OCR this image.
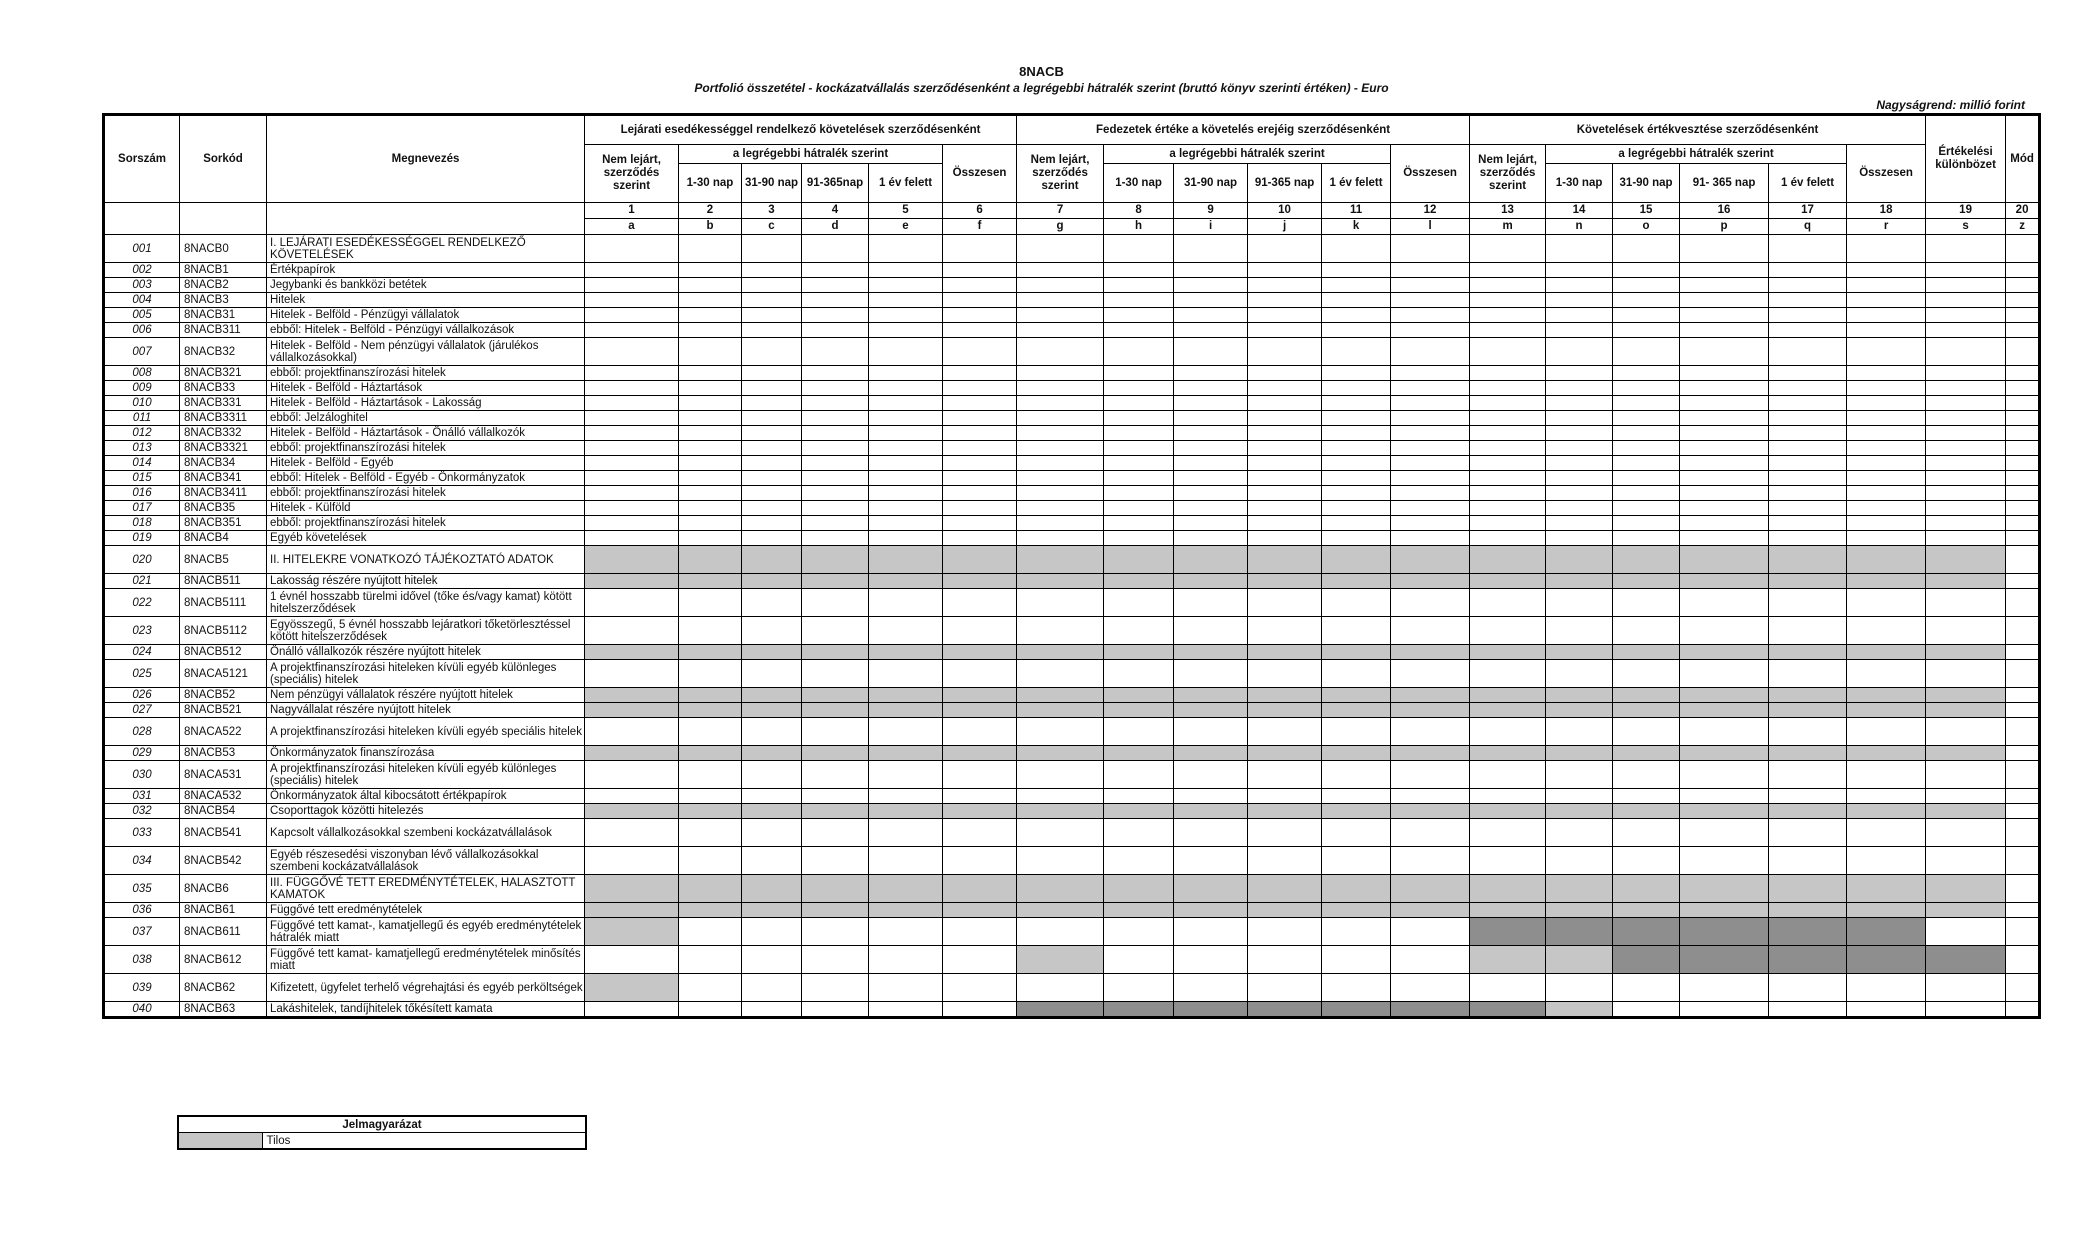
8NACB
Portfolió összetétel - kockázatvállalás szerződésenként a legrégebbi hátralék szerint (bruttó könyv szerinti értéken) - Euro
Nagyságrend: millió forint
Sorszám	Sorkód	Megnevezés	Lejárati esedékességgel rendelkező követelések szerződésenként						Fedezetek értéke a követelés erejéig szerződésenként						Követelések értékvesztése szerződésenként						Értékelési különbözet	Mód
			Nem lejárt, szerződés szerint	a legrégebbi hátralék szerint				Összesen	Nem lejárt, szerződés szerint	a legrégebbi hátralék szerint				Összesen	Nem lejárt, szerződés szerint	a legrégebbi hátralék szerint				Összesen		
				1-30 nap	31-90 nap	91-365nap	1 év felett			1-30 nap	31-90 nap	91-365 nap	1 év felett			1-30 nap	31-90 nap	91- 365 nap	1 év felett			
			1	2	3	4	5	6	7	8	9	10	11	12	13	14	15	16	17	18	19	20
			a	b	c	d	e	f	g	h	i	j	k	l	m	n	o	p	q	r	s	z
001	8NACB0	I. LEJÁRATI ESEDÉKESSÉGGEL RENDELKEZŐ KÖVETELÉSEK																				
002	8NACB1	Értékpapírok																				
003	8NACB2	Jegybanki és bankközi betétek																				
004	8NACB3	Hitelek																				
005	8NACB31	Hitelek - Belföld - Pénzügyi vállalatok																				
006	8NACB311	ebből: Hitelek - Belföld - Pénzügyi vállalkozások																				
007	8NACB32	Hitelek - Belföld - Nem pénzügyi vállalatok (járulékos vállalkozásokkal)																				
008	8NACB321	ebből: projektfinanszírozási hitelek																				
009	8NACB33	Hitelek - Belföld - Háztartások																				
010	8NACB331	Hitelek - Belföld - Háztartások - Lakosság																				
011	8NACB3311	ebből: Jelzáloghitel																				
012	8NACB332	Hitelek - Belföld - Háztartások - Önálló vállalkozók																				
013	8NACB3321	ebből: projektfinanszírozási hitelek																				
014	8NACB34	Hitelek - Belföld - Egyéb																				
015	8NACB341	ebből: Hitelek - Belföld - Egyéb - Önkormányzatok																				
016	8NACB3411	ebből: projektfinanszírozási hitelek																				
017	8NACB35	Hitelek - Külföld																				
018	8NACB351	ebből: projektfinanszírozási hitelek																				
019	8NACB4	Egyéb követelések																				
020	8NACB5	II. HITELEKRE VONATKOZÓ TÁJÉKOZTATÓ ADATOK																				
021	8NACB511	Lakosság részére nyújtott hitelek																				
022	8NACB5111	1 évnél hosszabb türelmi idővel (tőke és/vagy kamat) kötött hitelszerződések																				
023	8NACB5112	Egyösszegű, 5 évnél hosszabb lejáratkori tőketörlesztéssel kötött hitelszerződések																				
024	8NACB512	Önálló vállalkozók részére nyújtott hitelek																				
025	8NACA5121	A projektfinanszírozási hiteleken kívüli egyéb különleges (speciális) hitelek																				
026	8NACB52	Nem pénzügyi vállalatok részére nyújtott hitelek																				
027	8NACB521	Nagyvállalat részére nyújtott hitelek																				
028	8NACA522	A projektfinanszírozási hiteleken kívüli egyéb speciális hitelek																				
029	8NACB53	Önkormányzatok finanszírozása																				
030	8NACA531	A projektfinanszírozási hiteleken kívüli egyéb különleges (speciális) hitelek																				
031	8NACA532	Önkormányzatok által kibocsátott értékpapírok																				
032	8NACB54	Csoporttagok közötti hitelezés																				
033	8NACB541	Kapcsolt vállalkozásokkal szembeni kockázatvállalások																				
034	8NACB542	Egyéb részesedési viszonyban lévő vállalkozásokkal szembeni kockázatvállalások																				
035	8NACB6	III. FÜGGŐVÉ TETT EREDMÉNYTÉTELEK, HALASZTOTT KAMATOK																				
036	8NACB61	Függővé tett eredménytételek																				
037	8NACB611	Függővé tett kamat-, kamatjellegű és egyéb eredménytételek hátralék miatt																				
038	8NACB612	Függővé tett kamat- kamatjellegű eredménytételek minősítés miatt																				
039	8NACB62	Kifizetett, ügyfelet terhelő végrehajtási és egyéb perköltségek																				
040	8NACB63	Lakáshitelek, tandíjhitelek tőkésített kamata																				
Jelmagyarázat
	Tilos
